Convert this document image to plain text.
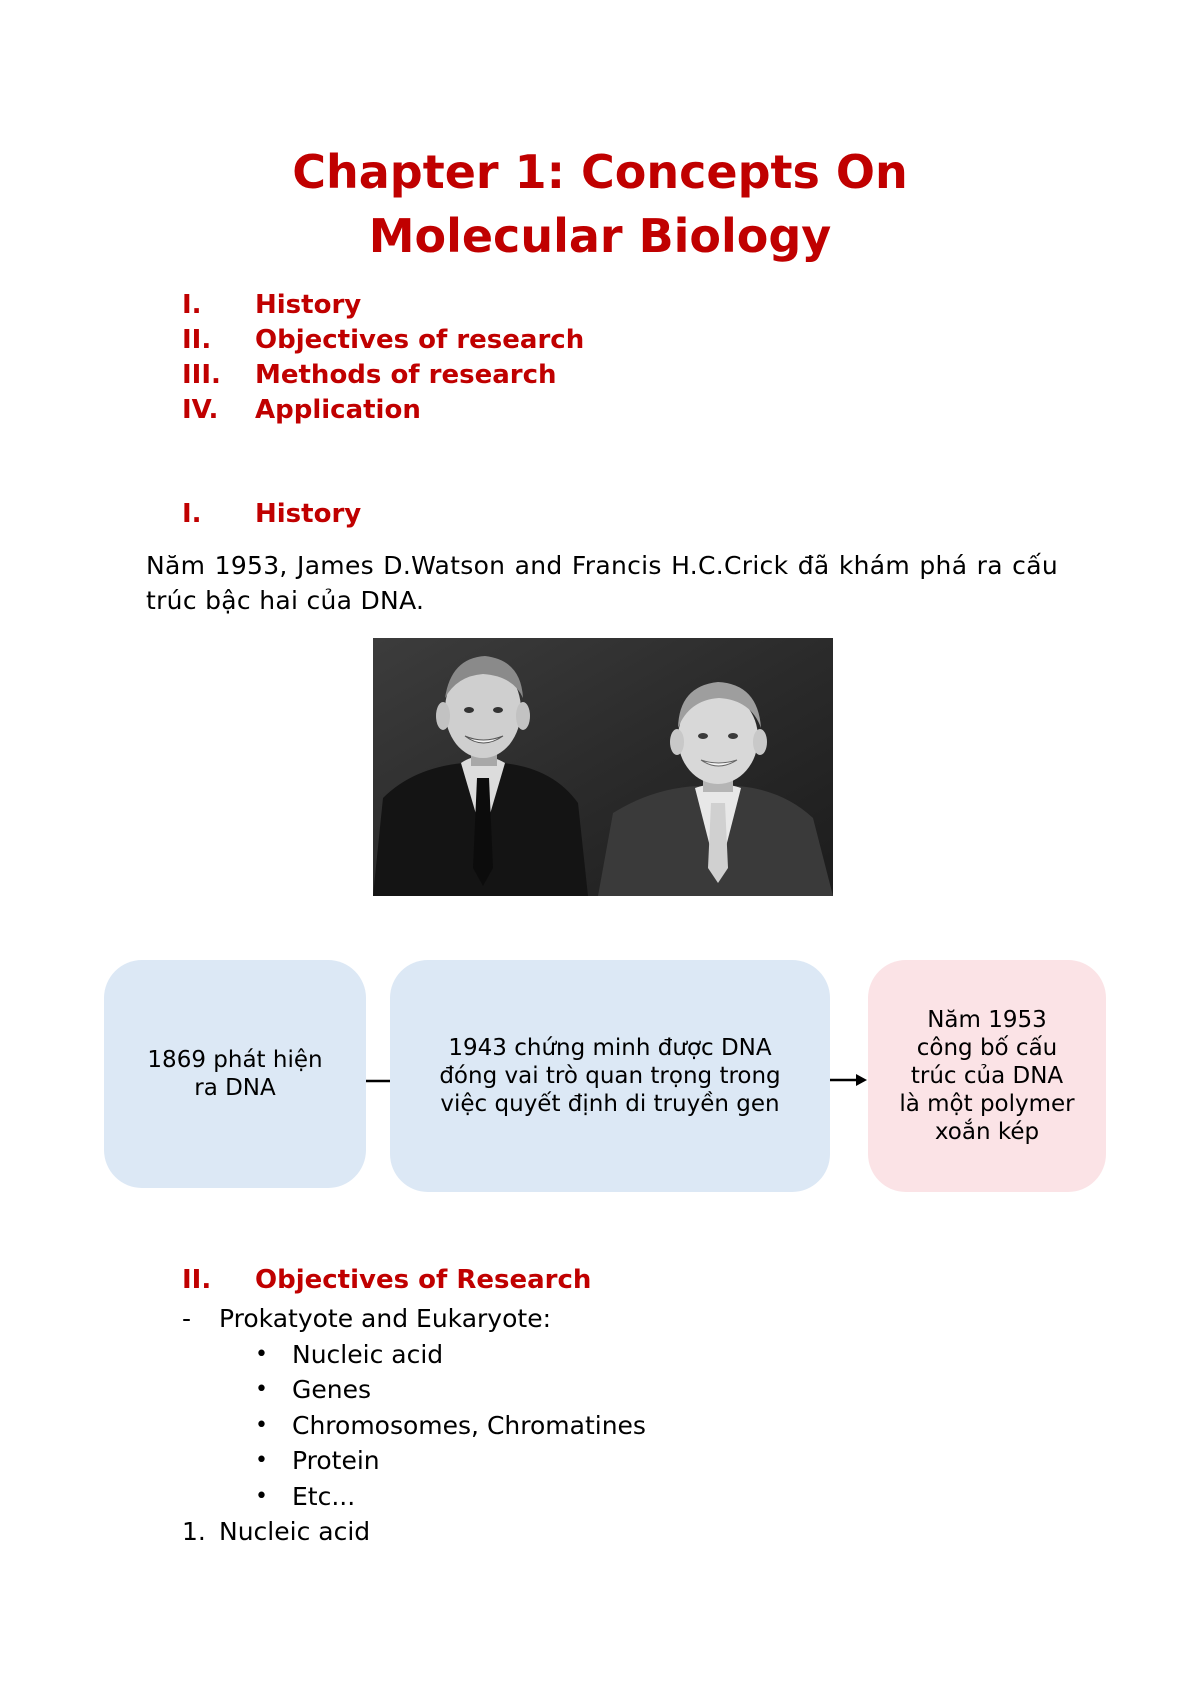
Chapter 1: Concepts On
Molecular Biology
I.	History
II.	Objectives of research
III.	Methods of research
IV.	Application
I.	History
Năm 1953, James D.Watson and Francis H.C.Crick đã khám phá ra cấu trúc bậc hai của DNA.
1869 phát hiện ra DNA
1943 chứng minh được DNA đóng vai trò quan trọng trong việc quyết định di truyền gen
Năm 1953 công bố cấu trúc của DNA là một polymer xoắn kép
II.	Objectives of Research
-	Prokatyote and Eukaryote:
• Nucleic acid
• Genes
• Chromosomes, Chromatines
• Protein
• Etc...
1. Nucleic acid
